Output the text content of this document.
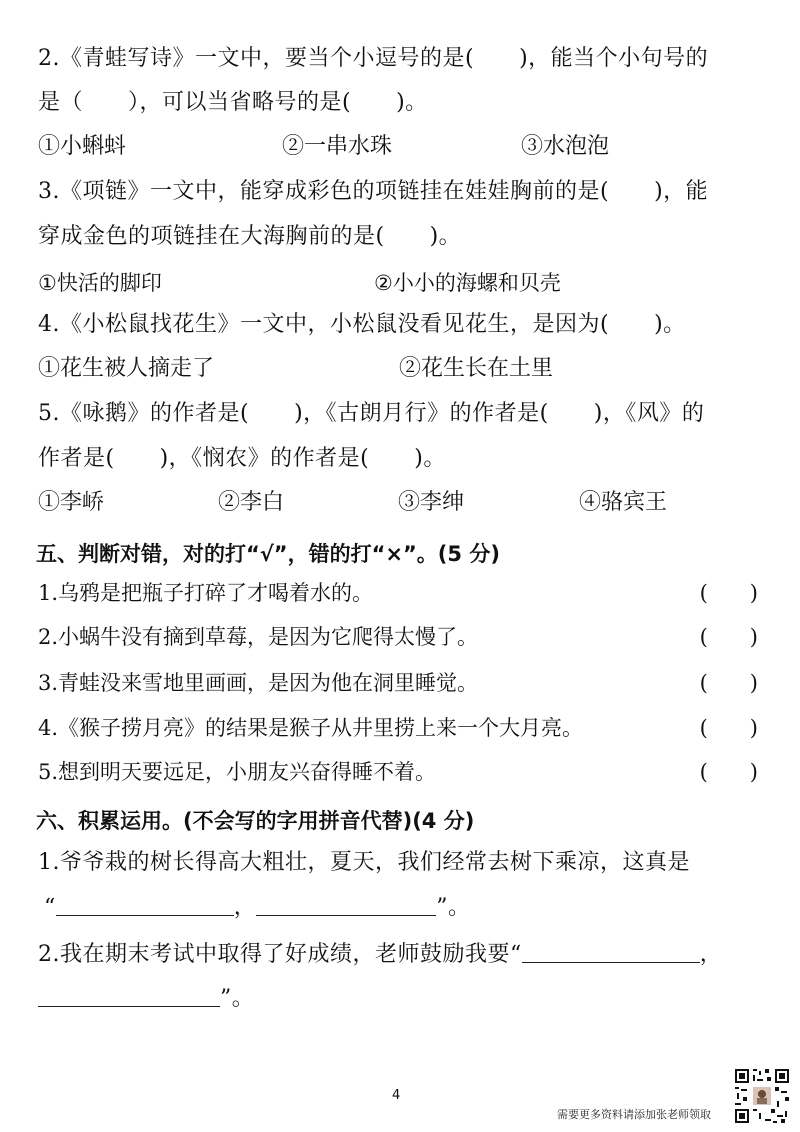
2.《青蛙写诗》一文中，要当个小逗号的是(　　)，能当个小句号的
是（　　），可以当省略号的是(　　)。
①小蝌蚪	②一串水珠	③水泡泡
3.《项链》一文中，能穿成彩色的项链挂在娃娃胸前的是(　　)，能
穿成金色的项链挂在大海胸前的是(　　)。
①快活的脚印	②小小的海螺和贝壳
4.《小松鼠找花生》一文中，小松鼠没看见花生，是因为(　　)。
①花生被人摘走了	②花生长在土里
5.《咏鹅》的作者是(　　)，《古朗月行》的作者是(　　)，《风》的
作者是(　　)，《悯农》的作者是(　　)。
①李峤	②李白	③李绅	④骆宾王
五、判断对错，对的打“√”，错的打“×”。(5 分)
1.乌鸦是把瓶子打碎了才喝着水的。	(　　)
2.小蜗牛没有摘到草莓，是因为它爬得太慢了。	(　　)
3.青蛙没来雪地里画画，是因为他在洞里睡觉。	(　　)
4.《猴子捞月亮》的结果是猴子从井里捞上来一个大月亮。	(　　)
5.想到明天要远足，小朋友兴奋得睡不着。	(　　)
六、积累运用。(不会写的字用拼音代替)(4 分)
1.爷爷栽的树长得高大粗壮，夏天，我们经常去树下乘凉，这真是
“	，	”。
2.我在期末考试中取得了好成绩，老师鼓励我要“	，
”。
4
需要更多资料请添加张老师领取
